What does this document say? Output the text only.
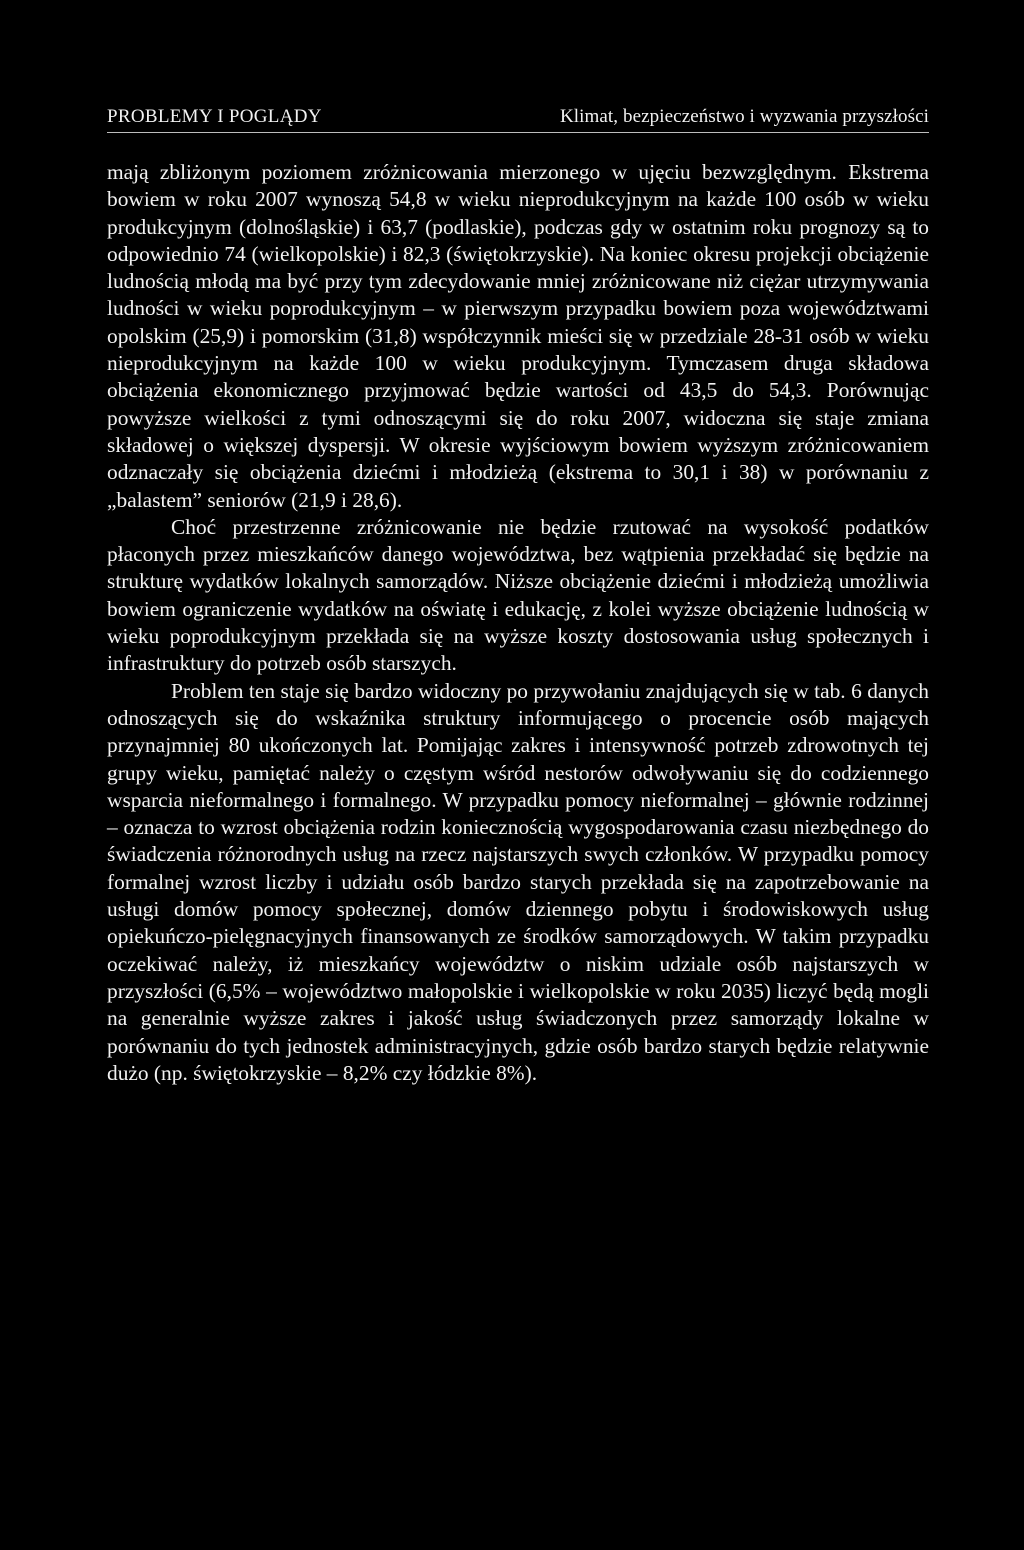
PROBLEMY I POGLĄDY	Klimat, bezpieczeństwo i wyzwania przyszłości

mają zbliżonym poziomem zróżnicowania mierzonego w ujęciu bezwzględnym. Ekstrema bowiem w roku 2007 wynoszą 54,8 w wieku nieprodukcyjnym na każde 100 osób w wieku produkcyjnym (dolnośląskie) i 63,7 (podlaskie), podczas gdy w ostatnim roku prognozy są to odpowiednio 74 (wielkopolskie) i 82,3 (świętokrzyskie). Na koniec okresu projekcji obciążenie ludnością młodą ma być przy tym zdecydowanie mniej zróżnicowane niż ciężar utrzymywania ludności w wieku poprodukcyjnym – w pierwszym przypadku bowiem poza województwami opolskim (25,9) i pomorskim (31,8) współczynnik mieści się w przedziale 28-31 osób w wieku nieprodukcyjnym na każde 100 w wieku produkcyjnym. Tymczasem druga składowa obciążenia ekonomicznego przyjmować będzie wartości od 43,5 do 54,3. Porównując powyższe wielkości z tymi odnoszącymi się do roku 2007, widoczna się staje zmiana składowej o większej dyspersji. W okresie wyjściowym bowiem wyższym zróżnicowaniem odznaczały się obciążenia dziećmi i młodzieżą (ekstrema to 30,1 i 38) w porównaniu z „balastem” seniorów (21,9 i 28,6).

Choć przestrzenne zróżnicowanie nie będzie rzutować na wysokość podatków płaconych przez mieszkańców danego województwa, bez wątpienia przekładać się będzie na strukturę wydatków lokalnych samorządów. Niższe obciążenie dziećmi i młodzieżą umożliwia bowiem ograniczenie wydatków na oświatę i edukację, z kolei wyższe obciążenie ludnością w wieku poprodukcyjnym przekłada się na wyższe koszty dostosowania usług społecznych i infrastruktury do potrzeb osób starszych.

Problem ten staje się bardzo widoczny po przywołaniu znajdujących się w tab. 6 danych odnoszących się do wskaźnika struktury informującego o procencie osób mających przynajmniej 80 ukończonych lat. Pomijając zakres i intensywność potrzeb zdrowotnych tej grupy wieku, pamiętać należy o częstym wśród nestorów odwoływaniu się do codziennego wsparcia nieformalnego i formalnego. W przypadku pomocy nieformalnej – głównie rodzinnej – oznacza to wzrost obciążenia rodzin koniecznością wygospodarowania czasu niezbędnego do świadczenia różnorodnych usług na rzecz najstarszych swych członków. W przypadku pomocy formalnej wzrost liczby i udziału osób bardzo starych przekłada się na zapotrzebowanie na usługi domów pomocy społecznej, domów dziennego pobytu i środowiskowych usług opiekuńczo-pielęgnacyjnych finansowanych ze środków samorządowych. W takim przypadku oczekiwać należy, iż mieszkańcy województw o niskim udziale osób najstarszych w przyszłości (6,5% – województwo małopolskie i wielkopolskie w roku 2035) liczyć będą mogli na generalnie wyższe zakres i jakość usług świadczonych przez samorządy lokalne w porównaniu do tych jednostek administracyjnych, gdzie osób bardzo starych będzie relatywnie dużo (np. świętokrzyskie – 8,2% czy łódzkie 8%).
